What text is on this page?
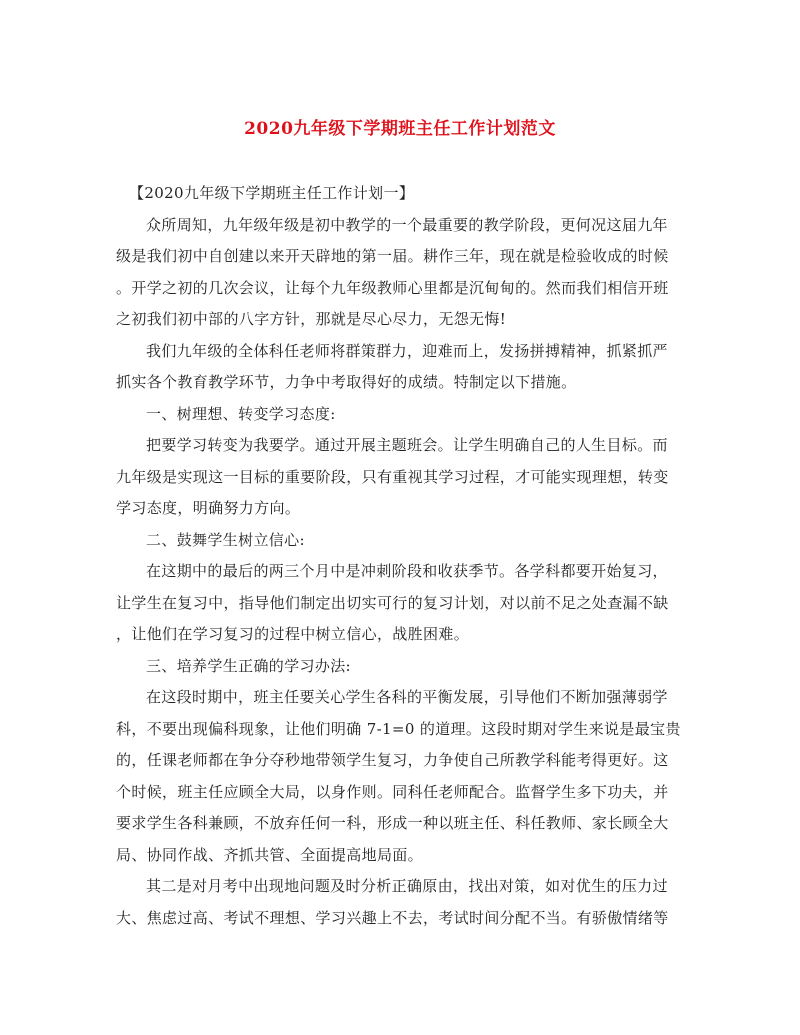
2020九年级下学期班主任工作计划范文
【2020九年级下学期班主任工作计划一】
众所周知，九年级年级是初中教学的一个最重要的教学阶段，更何况这届九年
级是我们初中自创建以来开天辟地的第一届。耕作三年，现在就是检验收成的时候
。开学之初的几次会议，让每个九年级教师心里都是沉甸甸的。然而我们相信开班
之初我们初中部的八字方针，那就是尽心尽力，无怨无悔!
我们九年级的全体科任老师将群策群力，迎难而上，发扬拼搏精神，抓紧抓严
抓实各个教育教学环节，力争中考取得好的成绩。特制定以下措施。
一、树理想、转变学习态度:
把要学习转变为我要学。通过开展主题班会。让学生明确自己的人生目标。而
九年级是实现这一目标的重要阶段，只有重视其学习过程，才可能实现理想，转变
学习态度，明确努力方向。
二、鼓舞学生树立信心:
在这期中的最后的两三个月中是冲刺阶段和收获季节。各学科都要开始复习，
让学生在复习中，指导他们制定出切实可行的复习计划，对以前不足之处查漏不缺
，让他们在学习复习的过程中树立信心，战胜困难。
三、培养学生正确的学习办法:
在这段时期中，班主任要关心学生各科的平衡发展，引导他们不断加强薄弱学
科，不要出现偏科现象，让他们明确 7-1=0 的道理。这段时期对学生来说是最宝贵
的，任课老师都在争分夺秒地带领学生复习，力争使自己所教学科能考得更好。这
个时候，班主任应顾全大局，以身作则。同科任老师配合。监督学生多下功夫，并
要求学生各科兼顾，不放弃任何一科，形成一种以班主任、科任教师、家长顾全大
局、协同作战、齐抓共管、全面提高地局面。
其二是对月考中出现地问题及时分析正确原由，找出对策，如对优生的压力过
大、焦虑过高、考试不理想、学习兴趣上不去，考试时间分配不当。有骄傲情绪等
